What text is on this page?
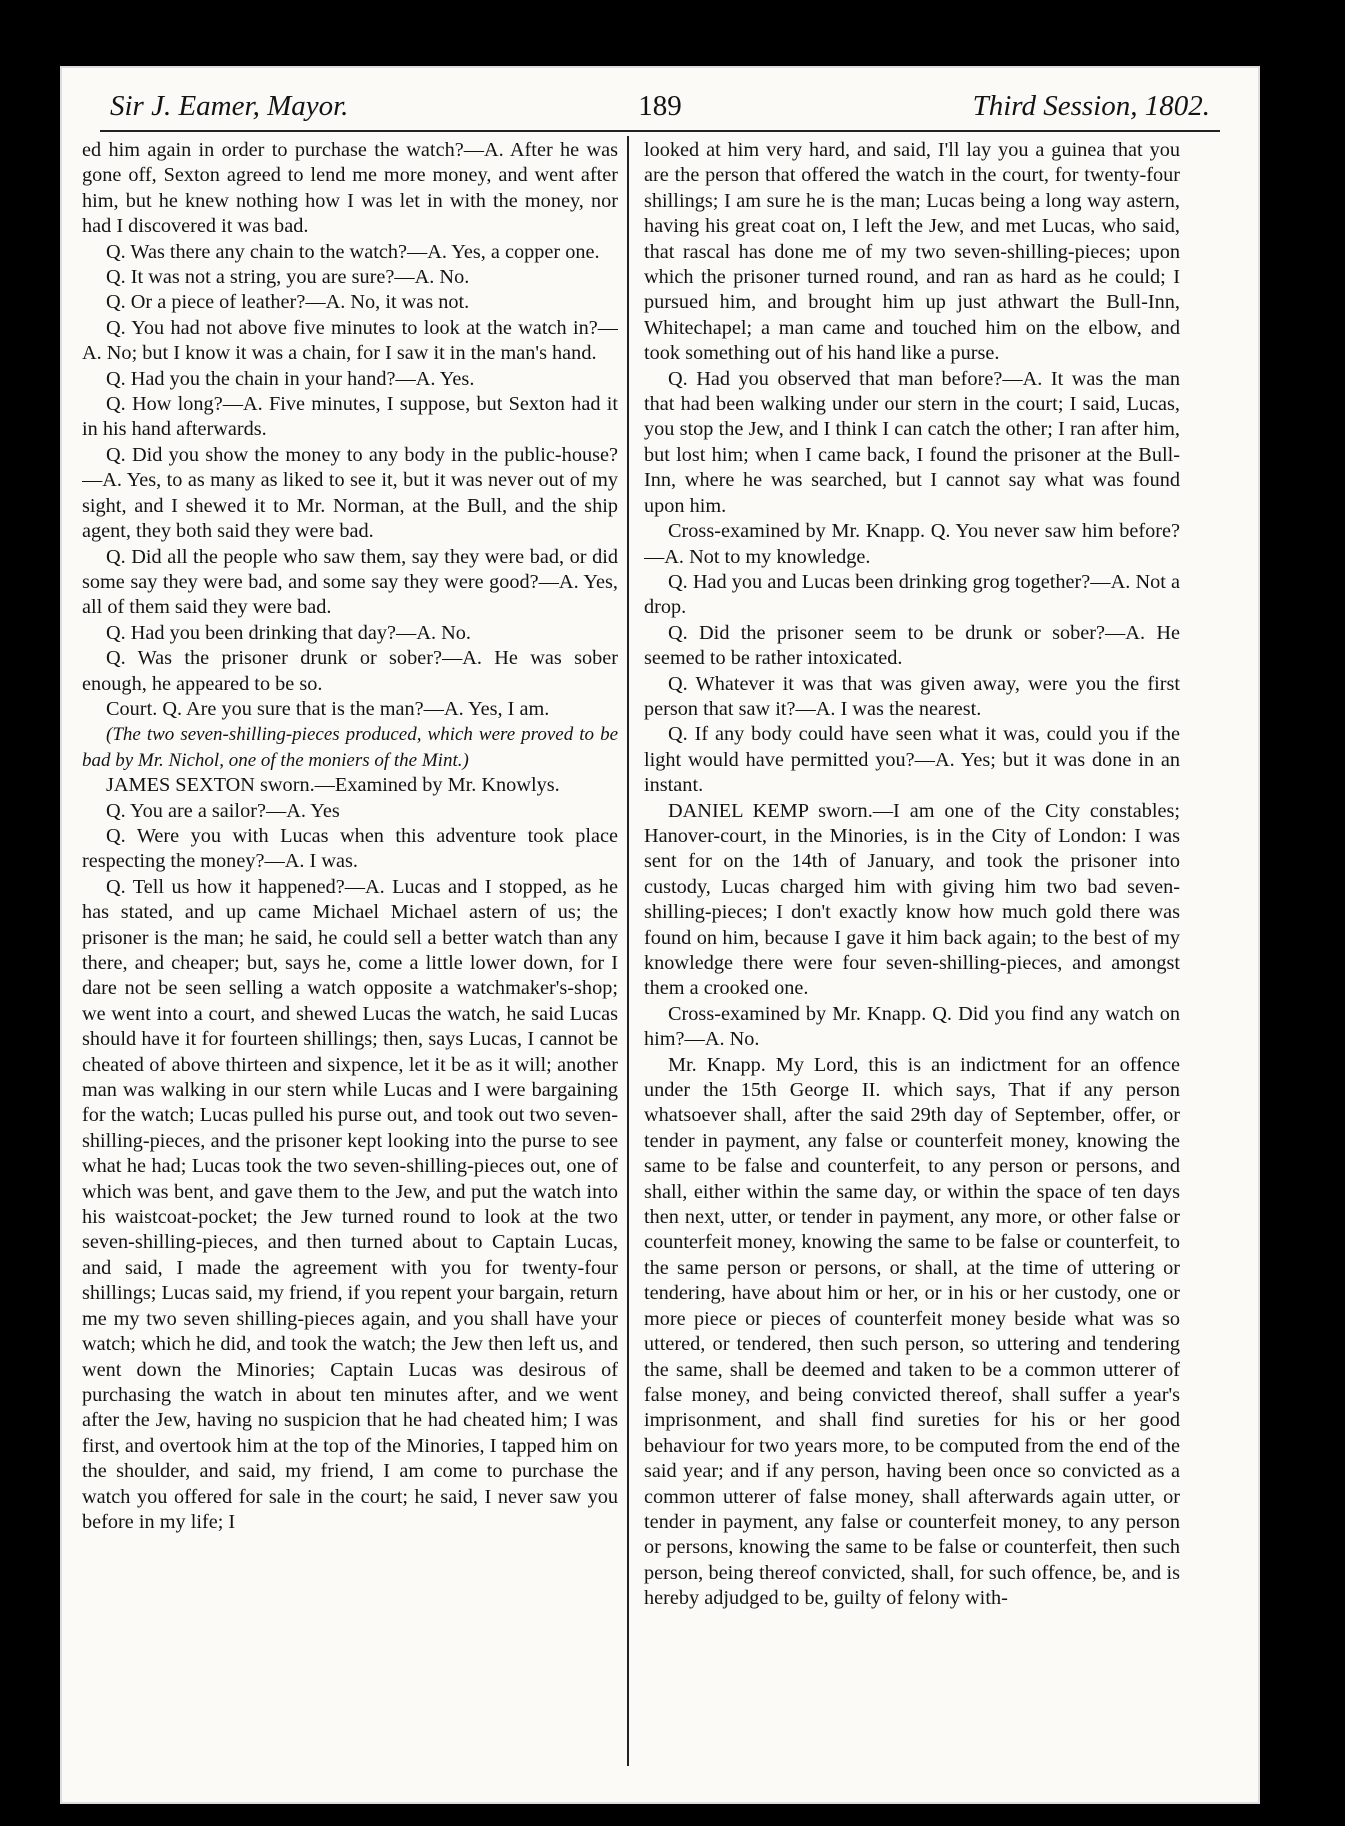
Sir J. Eamer, Mayor.	189	Third Session, 1802.

ed him again in order to purchase the watch?—A. After he was gone off, Sexton agreed to lend me more money, and went after him, but he knew nothing how I was let in with the money, nor had I discovered it was bad.

Q. Was there any chain to the watch?—A. Yes, a copper one.

Q. It was not a string, you are sure?—A. No.

Q. Or a piece of leather?—A. No, it was not.

Q. You had not above five minutes to look at the watch in?—A. No; but I know it was a chain, for I saw it in the man's hand.

Q. Had you the chain in your hand?—A. Yes.

Q. How long?—A. Five minutes, I suppose, but Sexton had it in his hand afterwards.

Q. Did you show the money to any body in the public-house?—A. Yes, to as many as liked to see it, but it was never out of my sight, and I shewed it to Mr. Norman, at the Bull, and the ship agent, they both said they were bad.

Q. Did all the people who saw them, say they were bad, or did some say they were bad, and some say they were good?—A. Yes, all of them said they were bad.

Q. Had you been drinking that day?—A. No.

Q. Was the prisoner drunk or sober?—A. He was sober enough, he appeared to be so.

Court. Q. Are you sure that is the man?—A. Yes, I am.

(The two seven-shilling-pieces produced, which were proved to be bad by Mr. Nichol, one of the moniers of the Mint.)

JAMES SEXTON sworn.—Examined by Mr. Knowlys.

Q. You are a sailor?—A. Yes

Q. Were you with Lucas when this adventure took place respecting the money?—A. I was.

Q. Tell us how it happened?—A. Lucas and I stopped, as he has stated, and up came Michael Michael astern of us; the prisoner is the man; he said, he could sell a better watch than any there, and cheaper; but, says he, come a little lower down, for I dare not be seen selling a watch opposite a watchmaker's-shop; we went into a court, and shewed Lucas the watch, he said Lucas should have it for fourteen shillings; then, says Lucas, I cannot be cheated of above thirteen and sixpence, let it be as it will; another man was walking in our stern while Lucas and I were bargaining for the watch; Lucas pulled his purse out, and took out two seven-shilling-pieces, and the prisoner kept looking into the purse to see what he had; Lucas took the two seven-shilling-pieces out, one of which was bent, and gave them to the Jew, and put the watch into his waistcoat-pocket; the Jew turned round to look at the two seven-shilling-pieces, and then turned about to Captain Lucas, and said, I made the agreement with you for twenty-four shillings; Lucas said, my friend, if you repent your bargain, return me my two seven shilling-pieces again, and you shall have your watch; which he did, and took the watch; the Jew then left us, and went down the Minories; Captain Lucas was desirous of purchasing the watch in about ten minutes after, and we went after the Jew, having no suspicion that he had cheated him; I was first, and overtook him at the top of the Minories, I tapped him on the shoulder, and said, my friend, I am come to purchase the watch you offered for sale in the court; he said, I never saw you before in my life; I

looked at him very hard, and said, I'll lay you a guinea that you are the person that offered the watch in the court, for twenty-four shillings; I am sure he is the man; Lucas being a long way astern, having his great coat on, I left the Jew, and met Lucas, who said, that rascal has done me of my two seven-shilling-pieces; upon which the prisoner turned round, and ran as hard as he could; I pursued him, and brought him up just athwart the Bull-Inn, Whitechapel; a man came and touched him on the elbow, and took something out of his hand like a purse.

Q. Had you observed that man before?—A. It was the man that had been walking under our stern in the court; I said, Lucas, you stop the Jew, and I think I can catch the other; I ran after him, but lost him; when I came back, I found the prisoner at the Bull-Inn, where he was searched, but I cannot say what was found upon him.

Cross-examined by Mr. Knapp. Q. You never saw him before?—A. Not to my knowledge.

Q. Had you and Lucas been drinking grog together?—A. Not a drop.

Q. Did the prisoner seem to be drunk or sober?—A. He seemed to be rather intoxicated.

Q. Whatever it was that was given away, were you the first person that saw it?—A. I was the nearest.

Q. If any body could have seen what it was, could you if the light would have permitted you?—A. Yes; but it was done in an instant.

DANIEL KEMP sworn.—I am one of the City constables; Hanover-court, in the Minories, is in the City of London: I was sent for on the 14th of January, and took the prisoner into custody, Lucas charged him with giving him two bad seven-shilling-pieces; I don't exactly know how much gold there was found on him, because I gave it him back again; to the best of my knowledge there were four seven-shilling-pieces, and amongst them a crooked one.

Cross-examined by Mr. Knapp. Q. Did you find any watch on him?—A. No.

Mr. Knapp. My Lord, this is an indictment for an offence under the 15th George II. which says, That if any person whatsoever shall, after the said 29th day of September, offer, or tender in payment, any false or counterfeit money, knowing the same to be false and counterfeit, to any person or persons, and shall, either within the same day, or within the space of ten days then next, utter, or tender in payment, any more, or other false or counterfeit money, knowing the same to be false or counterfeit, to the same person or persons, or shall, at the time of uttering or tendering, have about him or her, or in his or her custody, one or more piece or pieces of counterfeit money beside what was so uttered, or tendered, then such person, so uttering and tendering the same, shall be deemed and taken to be a common utterer of false money, and being convicted thereof, shall suffer a year's imprisonment, and shall find sureties for his or her good behaviour for two years more, to be computed from the end of the said year; and if any person, having been once so convicted as a common utterer of false money, shall afterwards again utter, or tender in payment, any false or counterfeit money, to any person or persons, knowing the same to be false or counterfeit, then such person, being thereof convicted, shall, for such offence, be, and is hereby adjudged to be, guilty of felony with-
